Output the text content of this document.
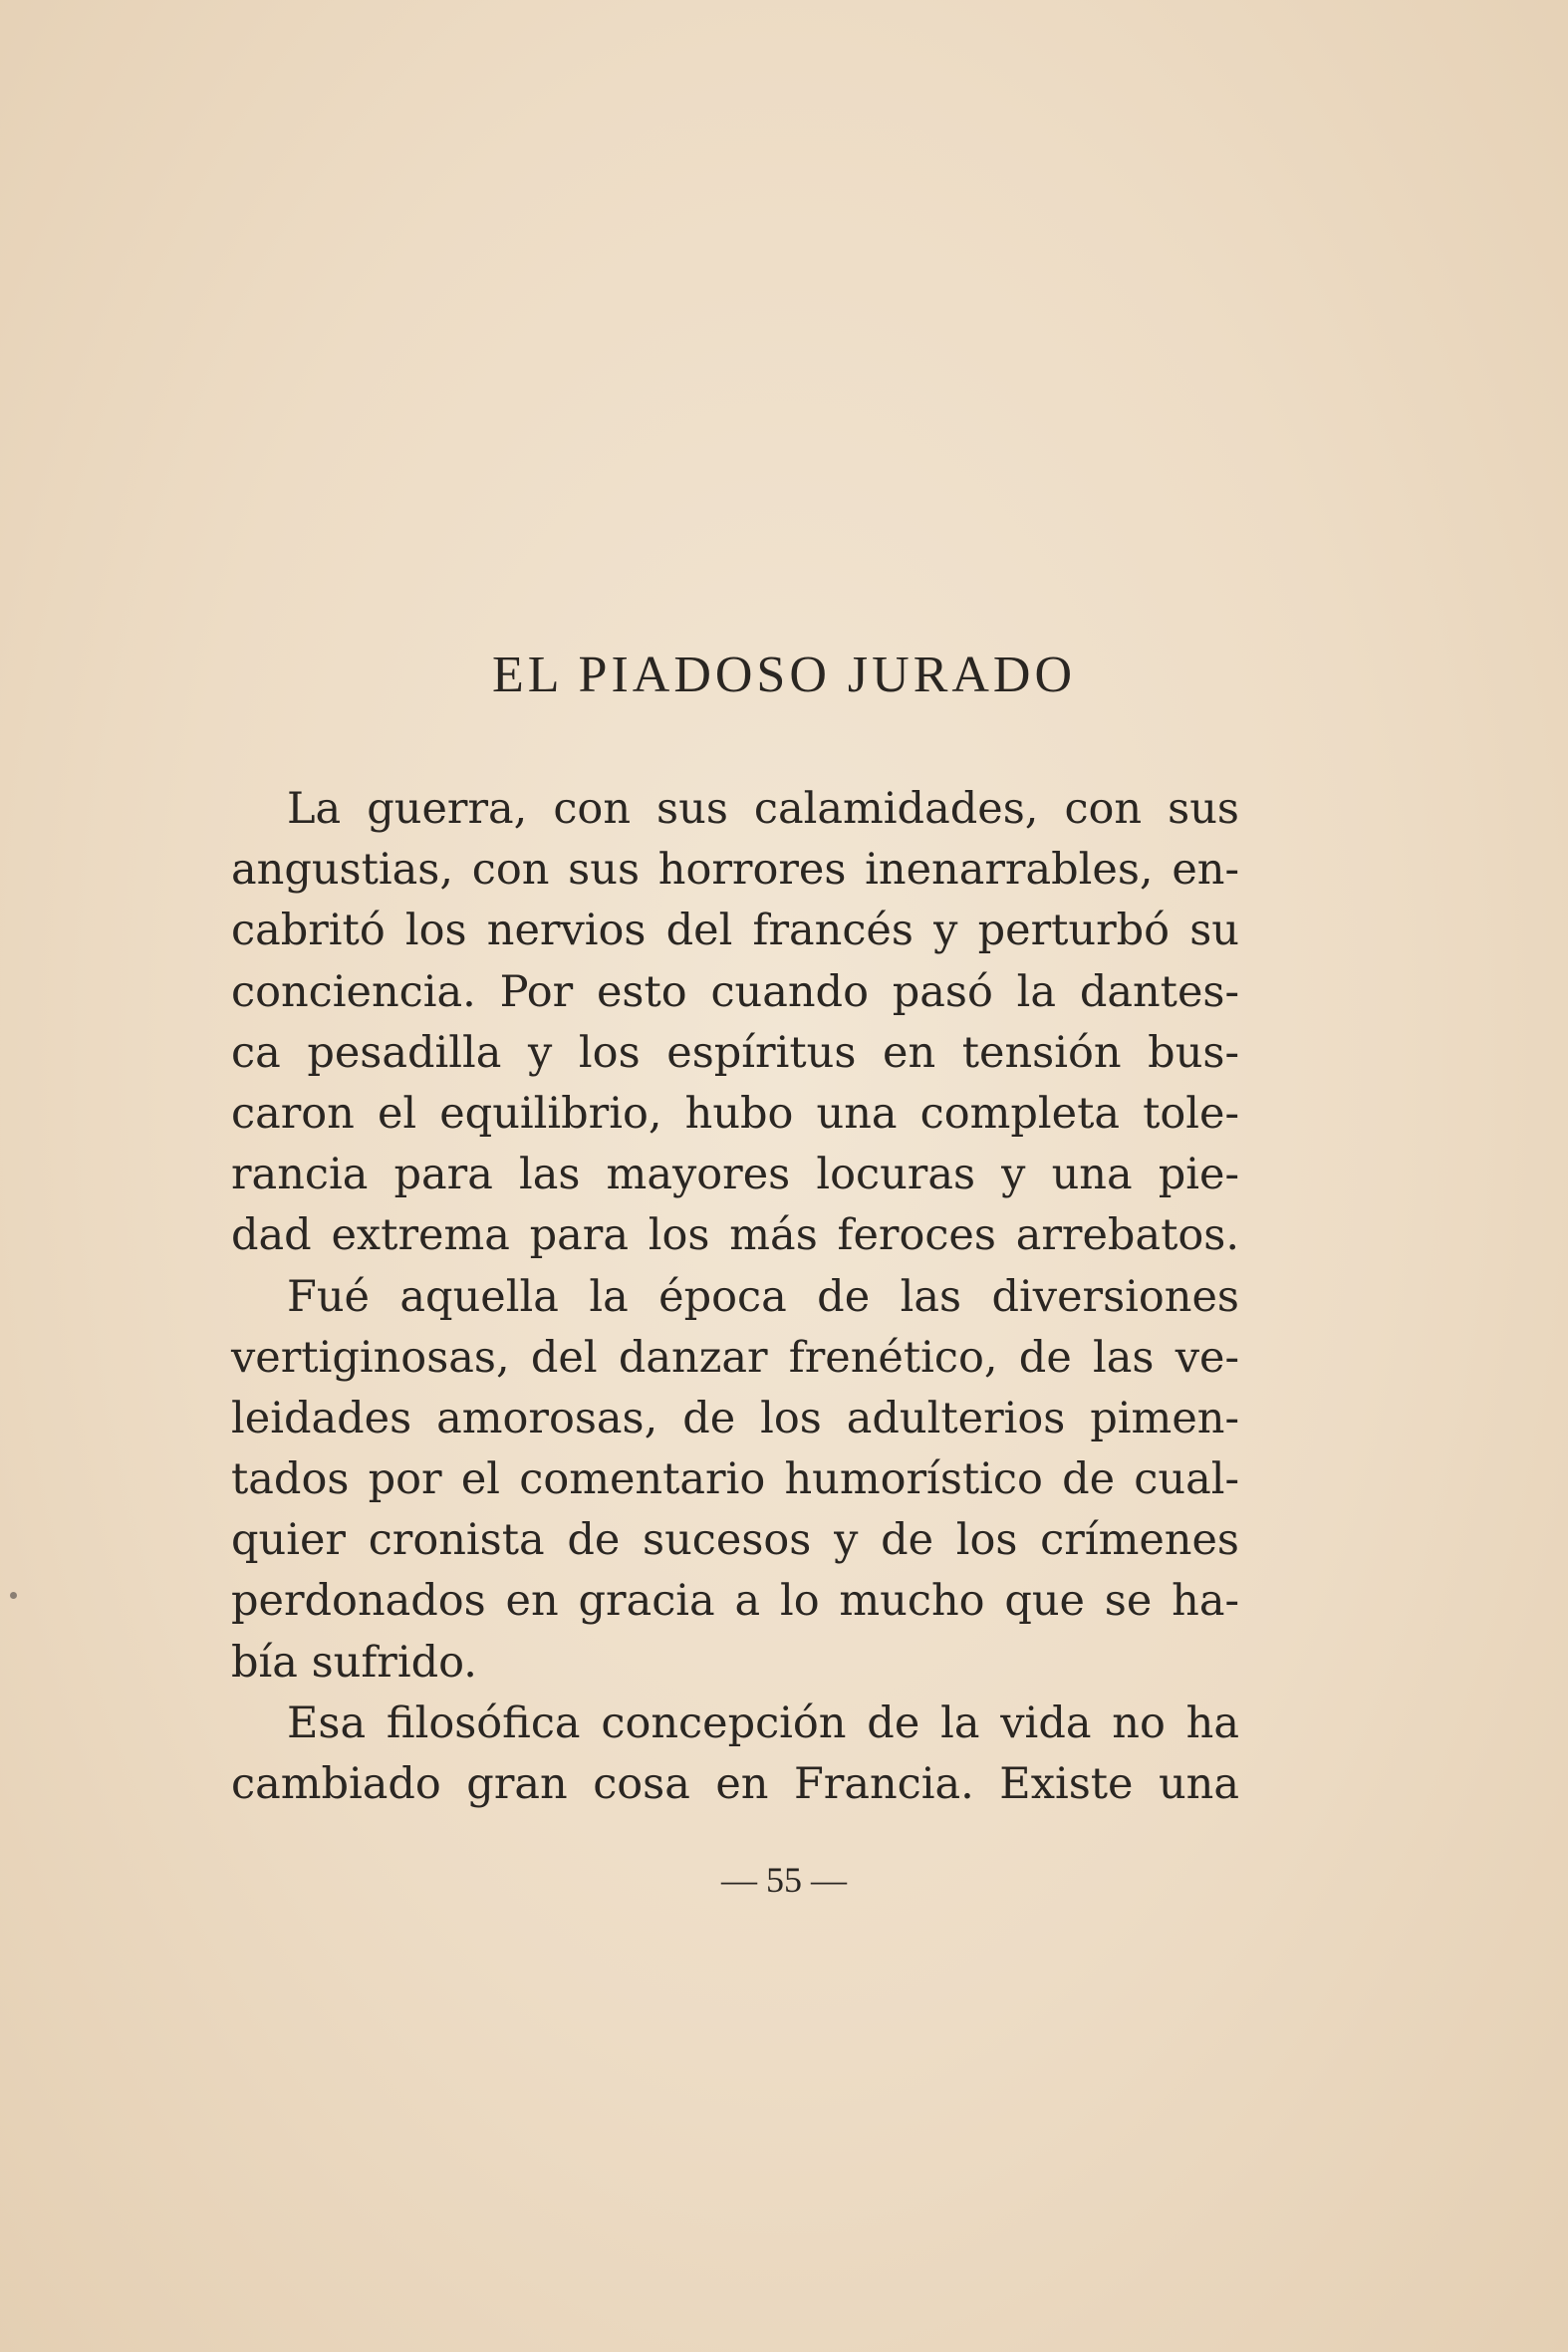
EL PIADOSO JURADO
La guerra, con sus calamidades, con sus
angustias, con sus horrores inenarrables, en-
cabritó los nervios del francés y perturbó su
conciencia. Por esto cuando pasó la dantes-
ca pesadilla y los espíritus en tensión bus-
caron el equilibrio, hubo una completa tole-
rancia para las mayores locuras y una pie-
dad extrema para los más feroces arrebatos.
Fué aquella la época de las diversiones
vertiginosas, del danzar frenético, de las ve-
leidades amorosas, de los adulterios pimen-
tados por el comentario humorístico de cual-
quier cronista de sucesos y de los crímenes
perdonados en gracia a lo mucho que se ha-
bía sufrido.
Esa filosófica concepción de la vida no ha
cambiado gran cosa en Francia. Existe una
— 55 —
